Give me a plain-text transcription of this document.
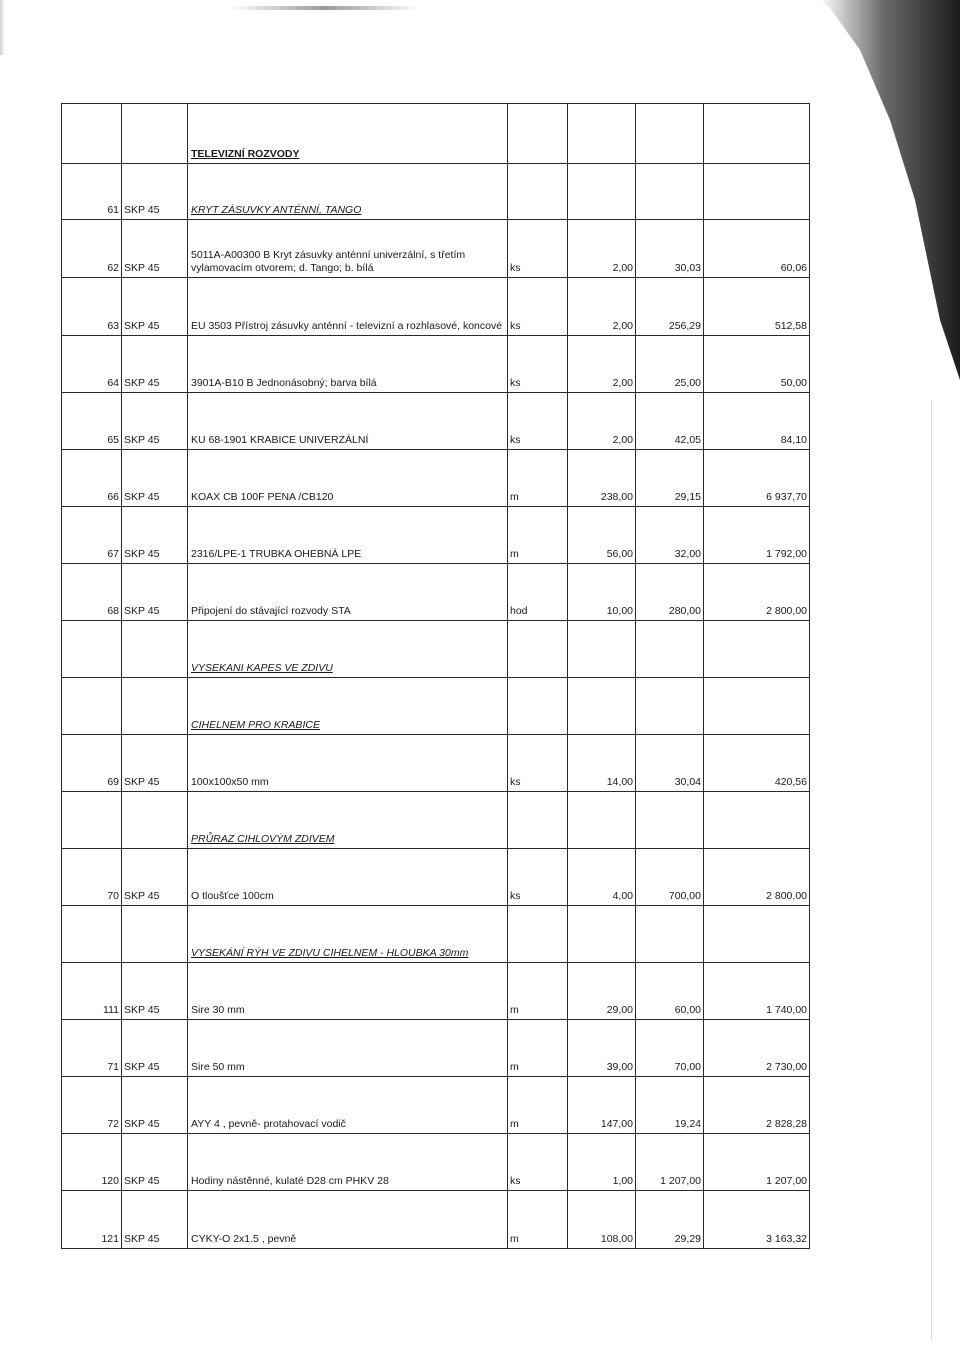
		TELEVIZNÍ ROZVODY				
61	SKP 45	KRYT ZÁSUVKY ANTÉNNÍ, TANGO				
62	SKP 45	5011A-A00300 B Kryt zásuvky anténní univerzální, s třetím vylamovacím otvorem; d. Tango; b. bílá	ks	2,00	30,03	60,06
63	SKP 45	EU 3503 Přístroj zásuvky anténní - televizní a rozhlasové, koncové	ks	2,00	256,29	512,58
64	SKP 45	3901A-B10 B Jednonásobný; barva bílá	ks	2,00	25,00	50,00
65	SKP 45	KU 68-1901 KRABICE UNIVERZÁLNÍ	ks	2,00	42,05	84,10
66	SKP 45	KOAX CB 100F PENA /CB120	m	238,00	29,15	6 937,70
67	SKP 45	2316/LPE-1 TRUBKA OHEBNÁ LPE	m	56,00	32,00	1 792,00
68	SKP 45	Připojení do stávající rozvody STA	hod	10,00	280,00	2 800,00
		VYSEKANI KAPES VE ZDIVU				
		CIHELNEM PRO KRABICE				
69	SKP 45	100x100x50 mm	ks	14,00	30,04	420,56
		PRŮRAZ CIHLOVÝM ZDIVEM				
70	SKP 45	O tloušťce 100cm	ks	4,00	700,00	2 800,00
		VYSEKÁNÍ RÝH VE ZDIVU CIHELNEM - HLOUBKA 30mm				
111	SKP 45	Sire 30 mm	m	29,00	60,00	1 740,00
71	SKP 45	Sire 50 mm	m	39,00	70,00	2 730,00
72	SKP 45	AYY 4 , pevně- protahovací vodič	m	147,00	19,24	2 828,28
120	SKP 45	Hodiny nástěnné, kulaté D28 cm PHKV 28	ks	1,00	1 207,00	1 207,00
121	SKP 45	CYKY-O 2x1.5 , pevně	m	108,00	29,29	3 163,32
